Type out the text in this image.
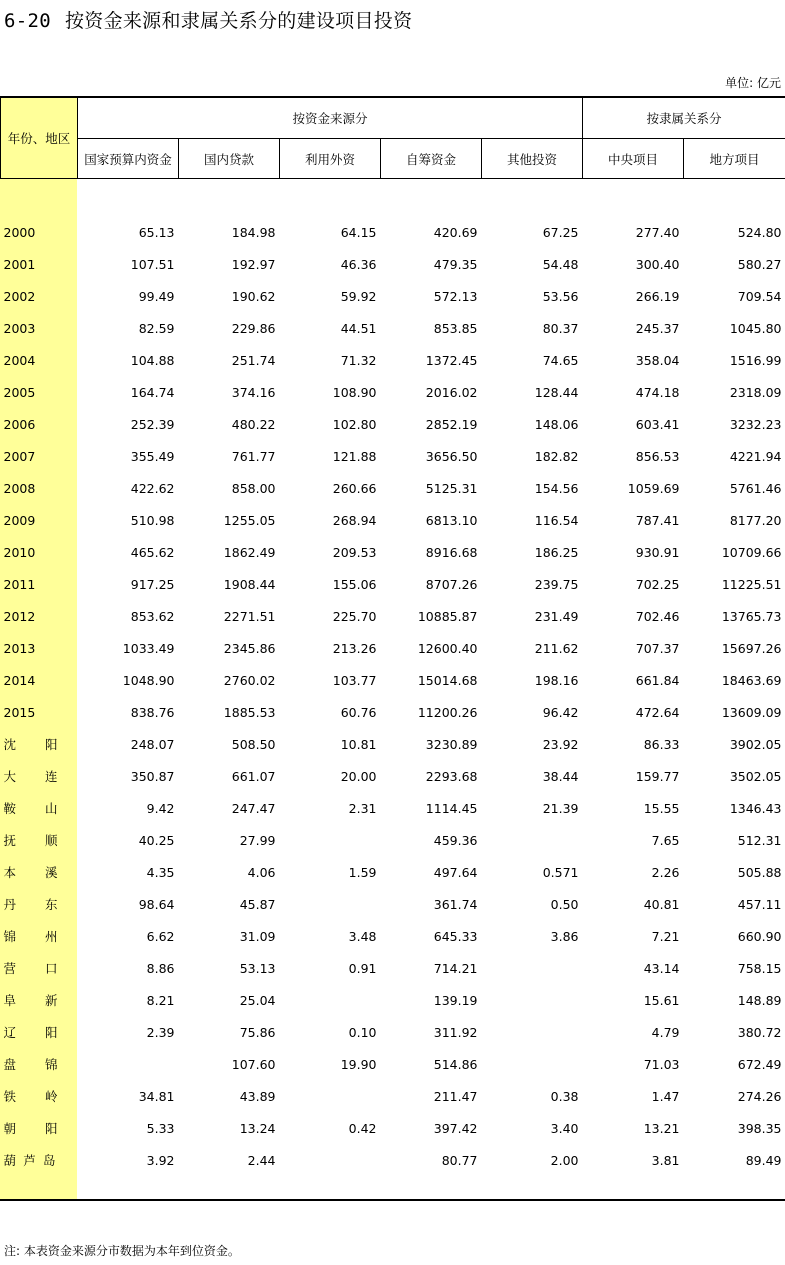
6-20 按资金来源和隶属关系分的建设项目投资
单位: 亿元
年份、地区	按资金来源分					按隶属关系分	
	国家预算内资金	国内贷款	利用外资	自筹资金	其他投资	中央项目	地方项目

2000	65.13	184.98	64.15	420.69	67.25	277.40	524.80
2001	107.51	192.97	46.36	479.35	54.48	300.40	580.27
2002	99.49	190.62	59.92	572.13	53.56	266.19	709.54
2003	82.59	229.86	44.51	853.85	80.37	245.37	1045.80
2004	104.88	251.74	71.32	1372.45	74.65	358.04	1516.99
2005	164.74	374.16	108.90	2016.02	128.44	474.18	2318.09
2006	252.39	480.22	102.80	2852.19	148.06	603.41	3232.23
2007	355.49	761.77	121.88	3656.50	182.82	856.53	4221.94
2008	422.62	858.00	260.66	5125.31	154.56	1059.69	5761.46
2009	510.98	1255.05	268.94	6813.10	116.54	787.41	8177.20
2010	465.62	1862.49	209.53	8916.68	186.25	930.91	10709.66
2011	917.25	1908.44	155.06	8707.26	239.75	702.25	11225.51
2012	853.62	2271.51	225.70	10885.87	231.49	702.46	13765.73
2013	1033.49	2345.86	213.26	12600.40	211.62	707.37	15697.26
2014	1048.90	2760.02	103.77	15014.68	198.16	661.84	18463.69
2015	838.76	1885.53	60.76	11200.26	96.42	472.64	13609.09

沈 阳	248.07	508.50	10.81	3230.89	23.92	86.33	3902.05

大 连	350.87	661.07	20.00	2293.68	38.44	159.77	3502.05

鞍 山	9.42	247.47	2.31	1114.45	21.39	15.55	1346.43

抚 顺	40.25	27.99		459.36		7.65	512.31

本 溪	4.35	4.06	1.59	497.64	0.571	2.26	505.88

丹 东	98.64	45.87		361.74	0.50	40.81	457.11

锦 州	6.62	31.09	3.48	645.33	3.86	7.21	660.90

营 口	8.86	53.13	0.91	714.21		43.14	758.15

阜 新	8.21	25.04		139.19		15.61	148.89

辽 阳	2.39	75.86	0.10	311.92		4.79	380.72

盘 锦		107.60	19.90	514.86		71.03	672.49

铁 岭	34.81	43.89		211.47	0.38	1.47	274.26

朝 阳	5.33	13.24	0.42	397.42	3.40	13.21	398.35

葫 芦 岛	3.92	2.44		80.77	2.00	3.81	89.49
注: 本表资金来源分市数据为本年到位资金。
